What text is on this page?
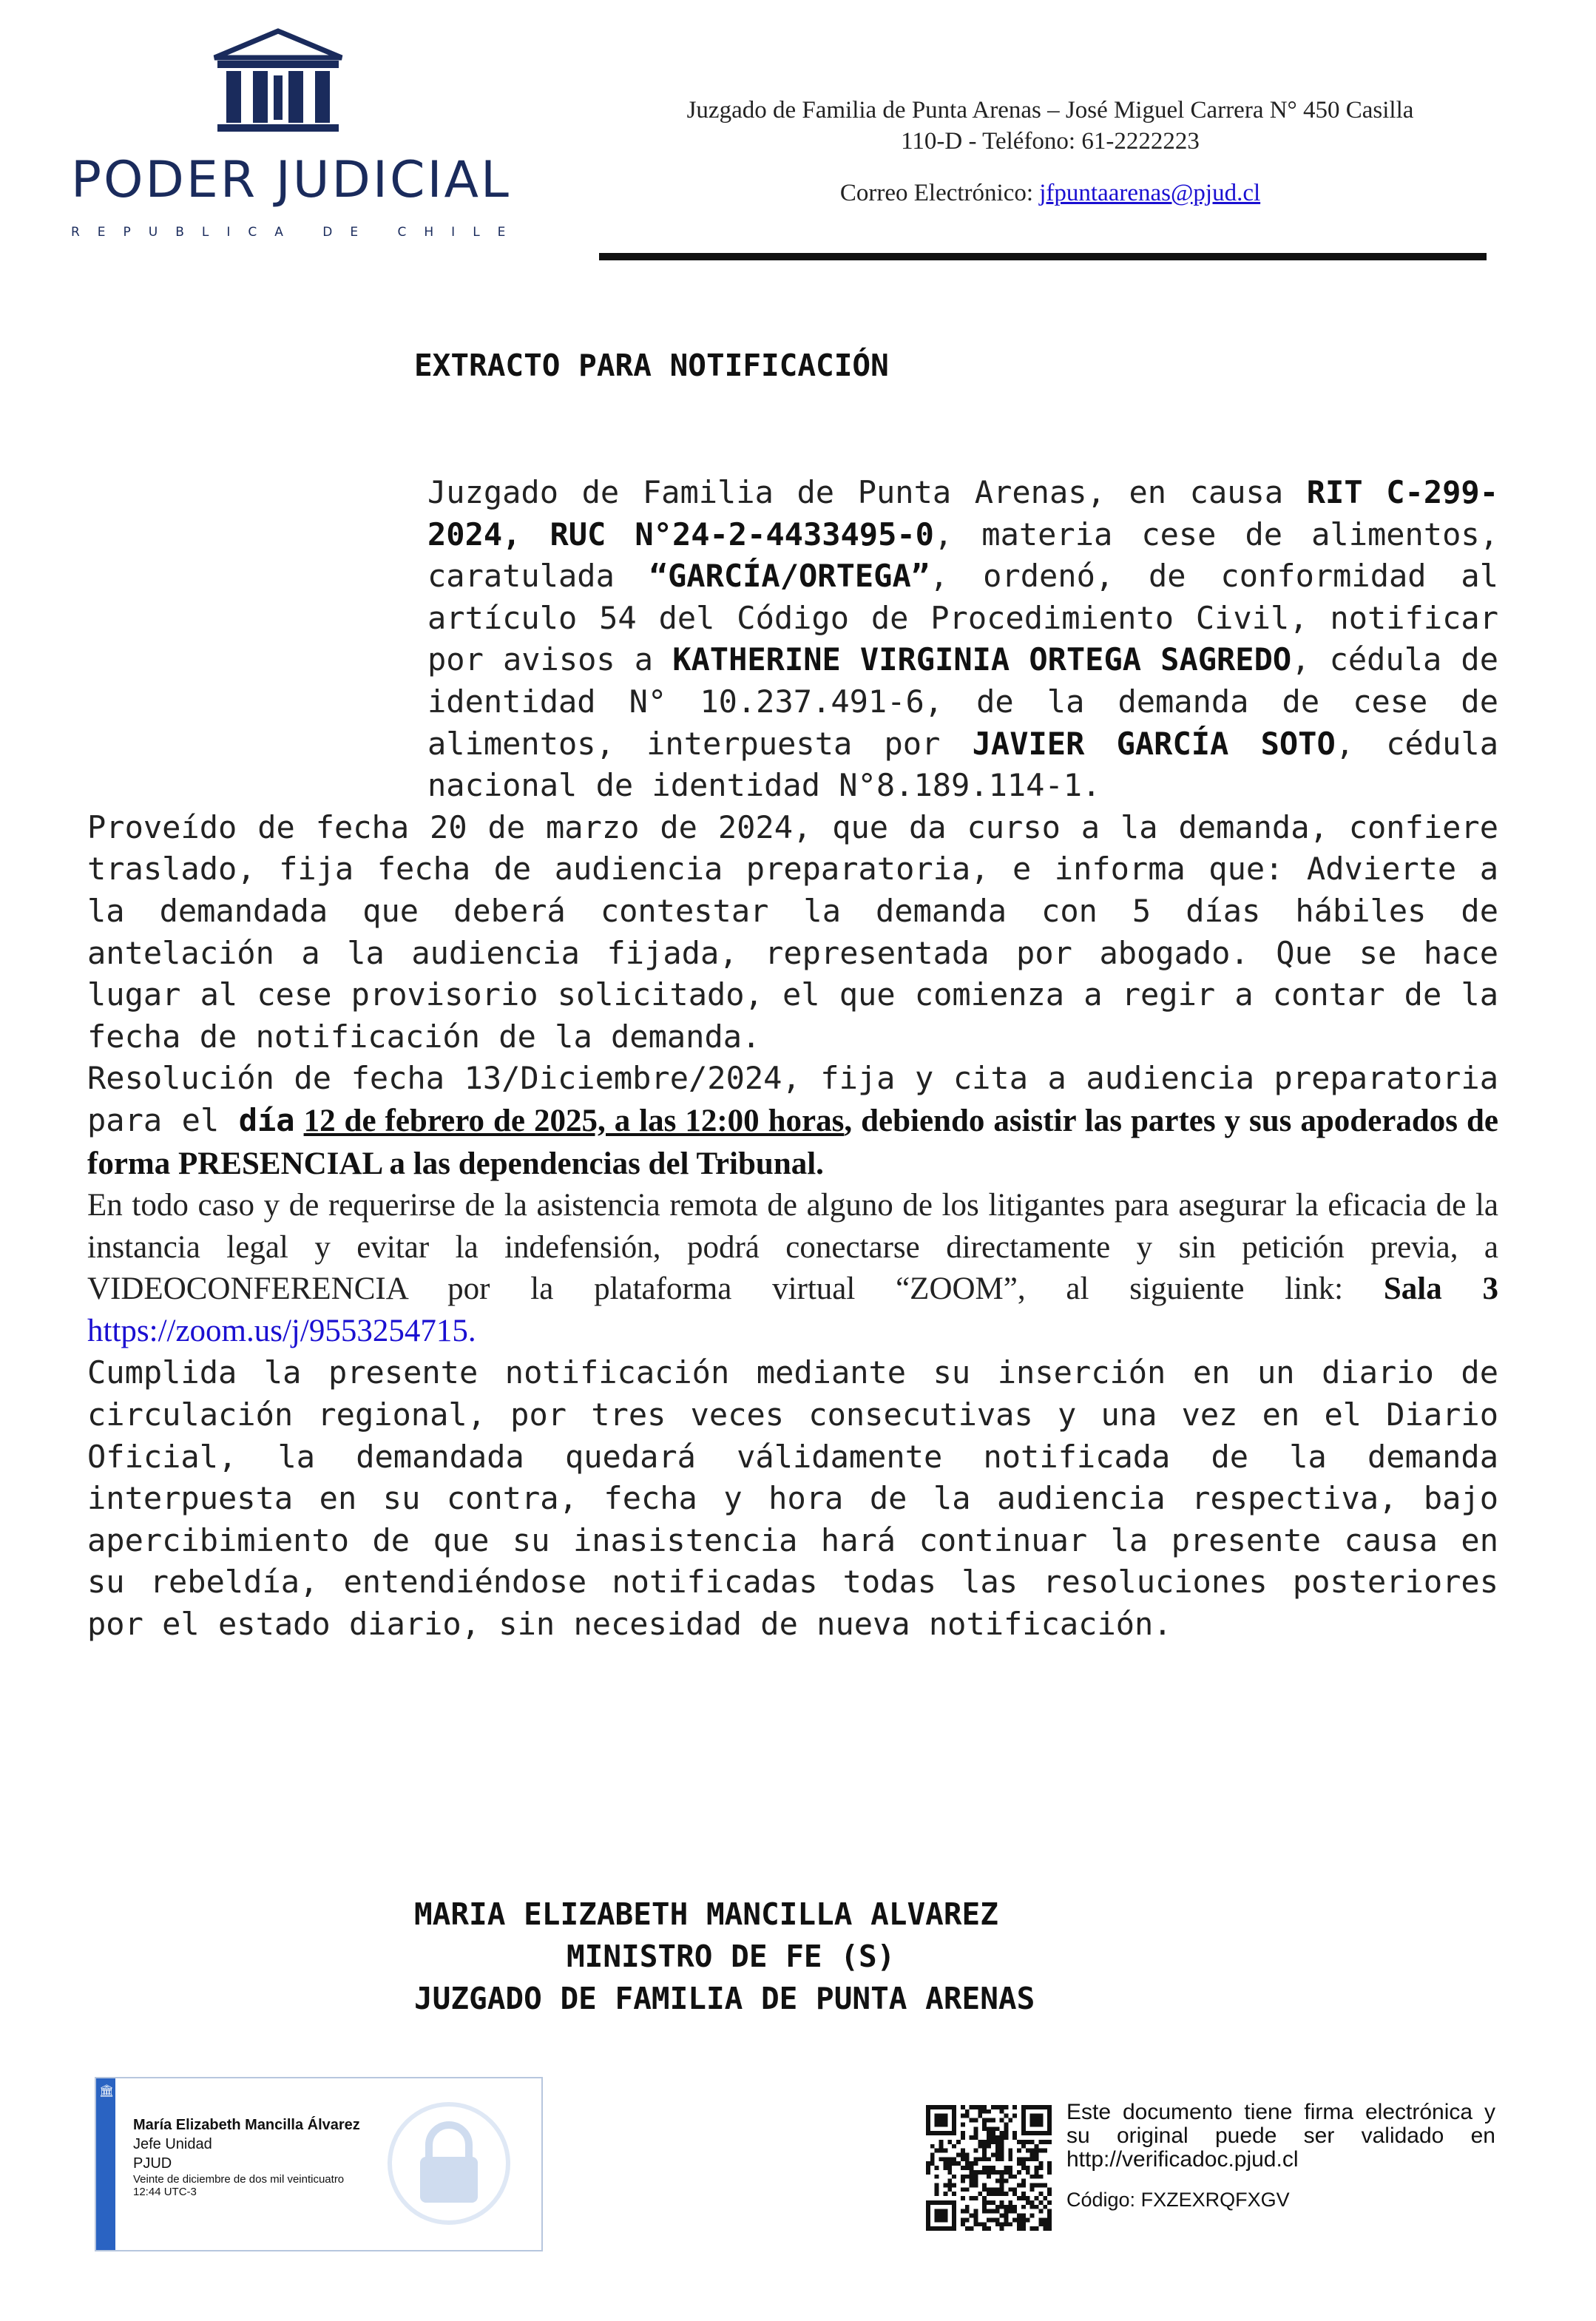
PODER JUDICIAL
REPUBLICA DE CHILE
Juzgado de Familia de Punta Arenas – José Miguel Carrera N° 450 Casilla
110-D - Teléfono: 61-2222223
Correo Electrónico: jfpuntaarenas@pjud.cl
EXTRACTO PARA NOTIFICACIÓN

Juzgado de Familia de Punta Arenas, en causa RIT C-299-2024, RUC N°24-2-4433495-0, materia cese de alimentos, caratulada “GARCÍA/ORTEGA”, ordenó, de conformidad al artículo 54 del Código de Procedimiento Civil, notificar por avisos a KATHERINE VIRGINIA ORTEGA SAGREDO, cédula de identidad N° 10.237.491-6, de la demanda de cese de alimentos, interpuesta por JAVIER GARCÍA SOTO, cédula nacional de identidad N°8.189.114-1.

Proveído de fecha 20 de marzo de 2024, que da curso a la demanda, confiere traslado, fija fecha de audiencia preparatoria, e informa que: Advierte a la demandada que deberá contestar la demanda con 5 días hábiles de antelación a la audiencia fijada, representada por abogado. Que se hace lugar al cese provisorio solicitado, el que comienza a regir a contar de la fecha de notificación de la demanda.

Resolución de fecha 13/Diciembre/2024, fija y cita a audiencia preparatoria para el día 12 de febrero de 2025, a las 12:00 horas, debiendo asistir las partes y sus apoderados de forma PRESENCIAL a las dependencias del Tribunal.

En todo caso y de requerirse de la asistencia remota de alguno de los litigantes para asegurar la eficacia de la instancia legal y evitar la indefensión, podrá conectarse directamente y sin petición previa, a VIDEOCONFERENCIA por la plataforma virtual “ZOOM”, al siguiente link: Sala 3 https://zoom.us/j/9553254715.

Cumplida la presente notificación mediante su inserción en un diario de circulación regional, por tres veces consecutivas y una vez en el Diario Oficial, la demandada quedará válidamente notificada de la demanda interpuesta en su contra, fecha y hora de la audiencia respectiva, bajo apercibimiento de que su inasistencia hará continuar la presente causa en su rebeldía, entendiéndose notificadas todas las resoluciones posteriores por el estado diario, sin necesidad de nueva notificación.

MARIA ELIZABETH MANCILLA ALVAREZ
MINISTRO DE FE (S)
JUZGADO DE FAMILIA DE PUNTA ARENAS
🏛
María Elizabeth Mancilla Álvarez
Jefe Unidad
PJUD
Veinte de diciembre de dos mil veinticuatro
12:44 UTC-3
Este documento tiene firma electrónica y su original puede ser validado en http://verificadoc.pjud.cl
Código: FXZEXRQFXGV
